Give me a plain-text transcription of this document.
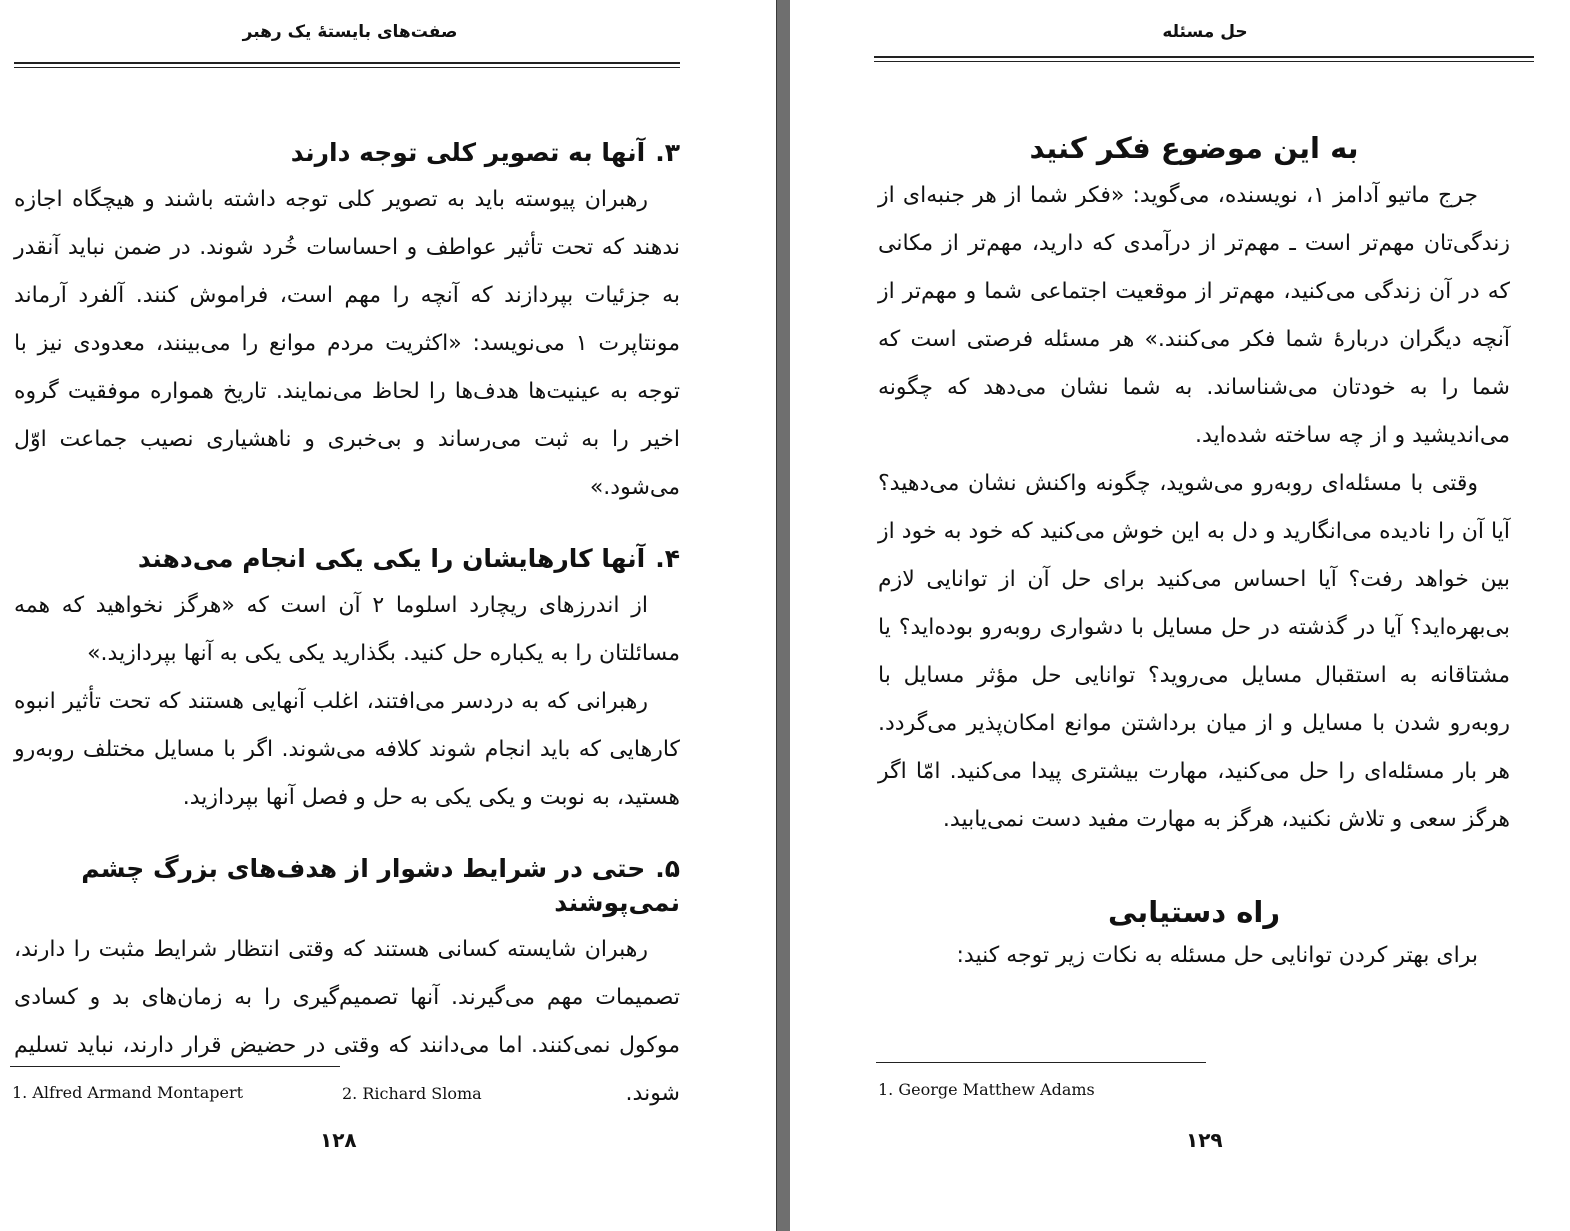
صفت‌های بایستهٔ یک رهبر
۳.آنها به تصویر کلی توجه دارند

رهبران پیوسته باید به تصویر کلی توجه داشته باشند و هیچگاه اجازه ندهند که تحت تأثیر عواطف و احساسات خُرد شوند. در ضمن نباید آنقدر به جزئیات بپردازند که آنچه را مهم است، فراموش کنند. آلفرد آرماند مونتاپرت ۱ می‌نویسد: «اکثریت مردم موانع را می‌بینند، معدودی نیز با توجه به عینیت‌ها هدف‌ها را لحاظ می‌نمایند. تاریخ همواره موفقیت گروه اخیر را به ثبت می‌رساند و بی‌خبری و ناهشیاری نصیب جماعت اوّل می‌شود.»

۴.آنها کارهایشان را یکی یکی انجام می‌دهند

از اندرزهای ریچارد اسلوما ۲ آن است که «هرگز نخواهید که همه مسائلتان را به یکباره حل کنید. بگذارید یکی یکی به آنها بپردازید.»

رهبرانی که به دردسر می‌افتند، اغلب آنهایی هستند که تحت تأثیر انبوه کارهایی که باید انجام شوند کلافه می‌شوند. اگر با مسایل مختلف روبه‌رو هستید، به نوبت و یکی یکی به حل و فصل آنها بپردازید.

۵.حتی در شرایط دشوار از هدف‌های بزرگ چشم نمی‌پوشند

رهبران شایسته کسانی هستند که وقتی انتظار شرایط مثبت را دارند، تصمیمات مهم می‌گیرند. آنها تصمیم‌گیری را به زمان‌های بد و کسادی موکول نمی‌کنند. اما می‌دانند که وقتی در حضیض قرار دارند، نباید تسلیم شوند.

1. Alfred Armand Montapert	2. Richard Sloma
۱۲۸
حل مسئله
به این موضوع فکر کنید

جرج ماتیو آدامز ۱، نویسنده، می‌گوید: «فکر شما از هر جنبه‌ای از زندگی‌تان مهم‌تر است ـ مهم‌تر از درآمدی که دارید، مهم‌تر از مکانی که در آن زندگی می‌کنید، مهم‌تر از موقعیت اجتماعی شما و مهم‌تر از آنچه دیگران دربارهٔ شما فکر می‌کنند.» هر مسئله فرصتی است که شما را به خودتان می‌شناساند. به شما نشان می‌دهد که چگونه می‌اندیشید و از چه ساخته شده‌اید.

وقتی با مسئله‌ای روبه‌رو می‌شوید، چگونه واکنش نشان می‌دهید؟ آیا آن را نادیده می‌انگارید و دل به این خوش می‌کنید که خود به خود از بین خواهد رفت؟ آیا احساس می‌کنید برای حل آن از توانایی لازم بی‌بهره‌اید؟ آیا در گذشته در حل مسایل با دشواری روبه‌رو بوده‌اید؟ یا مشتاقانه به استقبال مسایل می‌روید؟ توانایی حل مؤثر مسایل با روبه‌رو شدن با مسایل و از میان برداشتن موانع امکان‌پذیر می‌گردد. هر بار مسئله‌ای را حل می‌کنید، مهارت بیشتری پیدا می‌کنید. امّا اگر هرگز سعی و تلاش نکنید، هرگز به مهارت مفید دست نمی‌یابید.

راه دستیابی

برای بهتر کردن توانایی حل مسئله به نکات زیر توجه کنید:

1. George Matthew Adams
۱۲۹
